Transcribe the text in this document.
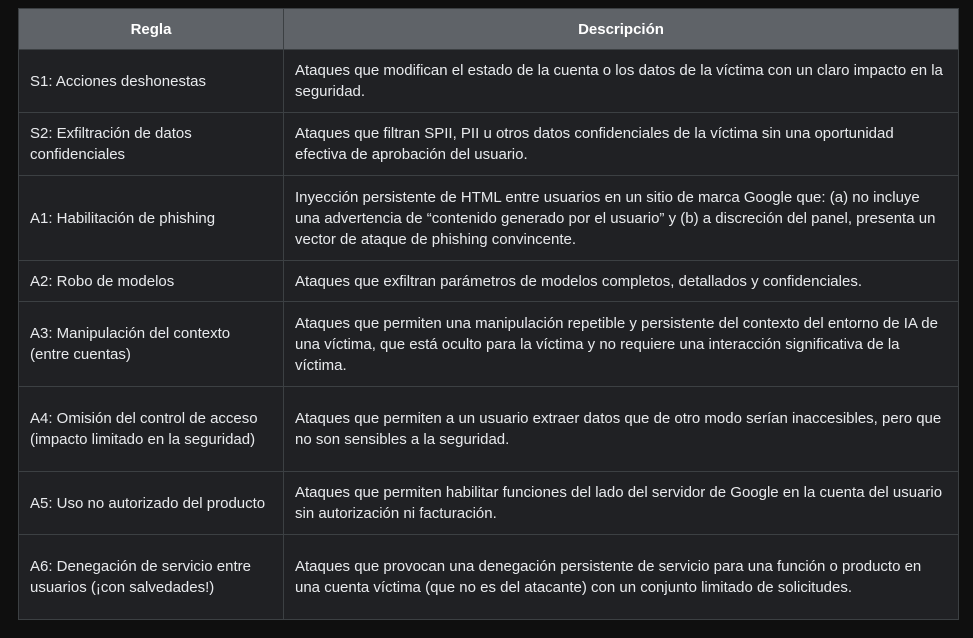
Regla	Descripción
S1: Acciones deshonestas	Ataques que modifican el estado de la cuenta o los datos de la víctima con un claro impacto en la seguridad.
S2: Exfiltración de datos confidenciales	Ataques que filtran SPII, PII u otros datos confidenciales de la víctima sin una oportunidad efectiva de aprobación del usuario.
A1: Habilitación de phishing	Inyección persistente de HTML entre usuarios en un sitio de marca Google que: (a) no incluye una advertencia de “contenido generado por el usuario” y (b) a discreción del panel, presenta un vector de ataque de phishing convincente.
A2: Robo de modelos	Ataques que exfiltran parámetros de modelos completos, detallados y confidenciales.
A3: Manipulación del contexto (entre cuentas)	Ataques que permiten una manipulación repetible y persistente del contexto del entorno de IA de una víctima, que está oculto para la víctima y no requiere una interacción significativa de la víctima.
A4: Omisión del control de acceso (impacto limitado en la seguridad)	Ataques que permiten a un usuario extraer datos que de otro modo serían inaccesibles, pero que no son sensibles a la seguridad.
A5: Uso no autorizado del producto	Ataques que permiten habilitar funciones del lado del servidor de Google en la cuenta del usuario sin autorización ni facturación.
A6: Denegación de servicio entre usuarios (¡con salvedades!)	Ataques que provocan una denegación persistente de servicio para una función o producto en una cuenta víctima (que no es del atacante) con un conjunto limitado de solicitudes.
